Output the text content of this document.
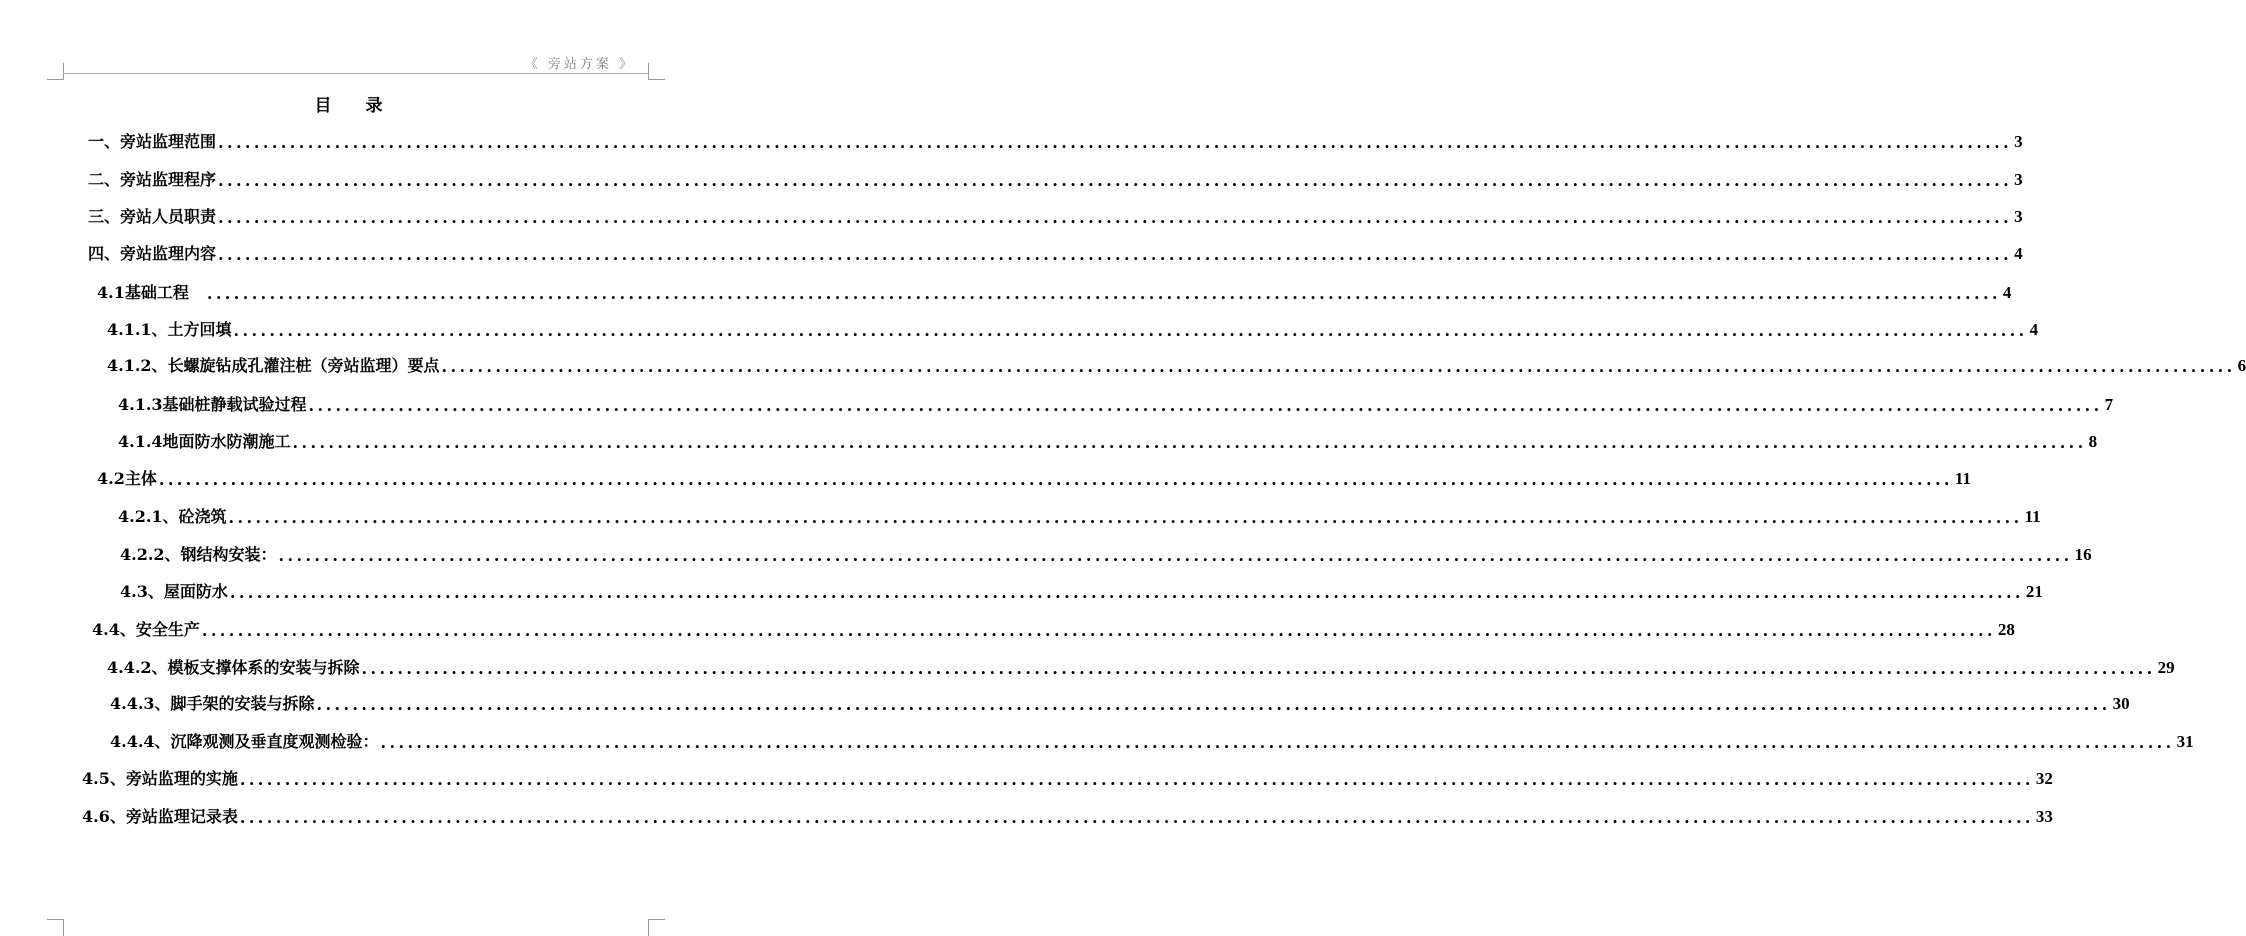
《 旁站方案 》
目 录
一、旁站监理范围 ........................................................................................................................................................................................................ 3
二、旁站监理程序 ........................................................................................................................................................................................................ 3
三、旁站人员职责 ........................................................................................................................................................................................................ 3
四、旁站监理内容 ........................................................................................................................................................................................................ 4
4.1基础工程　 ........................................................................................................................................................................................................ 4
4.1.1、土方回填 ........................................................................................................................................................................................................ 4
4.1.2、长螺旋钻成孔灌注桩（旁站监理）要点 ........................................................................................................................................................................................................ 6
4.1.3基础桩静载试验过程 ........................................................................................................................................................................................................ 7
4.1.4地面防水防潮施工 ........................................................................................................................................................................................................ 8
4.2主体 ........................................................................................................................................................................................................ 11
4.2.1、砼浇筑 ........................................................................................................................................................................................................ 11
4.2.2、钢结构安装： ........................................................................................................................................................................................................ 16
4.3、屋面防水 ........................................................................................................................................................................................................ 21
4.4、安全生产 ........................................................................................................................................................................................................ 28
4.4.2、模板支撑体系的安装与拆除 ........................................................................................................................................................................................................ 29
4.4.3、脚手架的安装与拆除 ........................................................................................................................................................................................................ 30
4.4.4、沉降观测及垂直度观测检验： ........................................................................................................................................................................................................ 31
4.5、旁站监理的实施 ........................................................................................................................................................................................................ 32
4.6、旁站监理记录表 ........................................................................................................................................................................................................ 33
